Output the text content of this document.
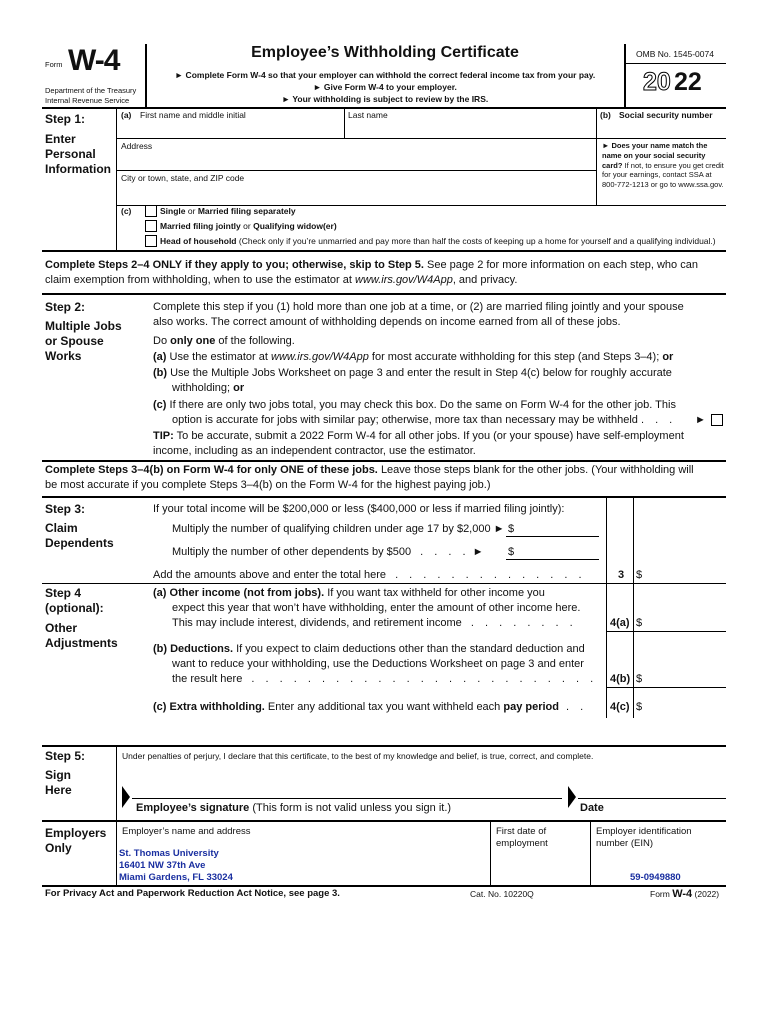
Form W-4
Department of the Treasury
Internal Revenue Service
Employee’s Withholding Certificate
► Complete Form W-4 so that your employer can withhold the correct federal income tax from your pay.
► Give Form W-4 to your employer.
► Your withholding is subject to review by the IRS.
OMB No. 1545-0074
20 22
Step 1:
Enter
Personal
Information
(a) First name and middle initial	Last name	(b) Social security number
Address
City or town, state, and ZIP code
► Does your name match the name on your social security card? If not, to ensure you get credit for your earnings, contact SSA at 800-772-1213 or go to www.ssa.gov.
(c)	Single or Married filing separately
Married filing jointly or Qualifying widow(er)
Head of household (Check only if you’re unmarried and pay more than half the costs of keeping up a home for yourself and a qualifying individual.)
Complete Steps 2–4 ONLY if they apply to you; otherwise, skip to Step 5. See page 2 for more information on each step, who can
claim exemption from withholding, when to use the estimator at www.irs.gov/W4App, and privacy.
Step 2:
Multiple Jobs
or Spouse
Works
Complete this step if you (1) hold more than one job at a time, or (2) are married filing jointly and your spouse
also works. The correct amount of withholding depends on income earned from all of these jobs.
Do only one of the following.
(a) Use the estimator at www.irs.gov/W4App for most accurate withholding for this step (and Steps 3–4); or
(b) Use the Multiple Jobs Worksheet on page 3 and enter the result in Step 4(c) below for roughly accurate
withholding; or
(c) If there are only two jobs total, you may check this box. Do the same on Form W-4 for the other job. This
option is accurate for jobs with similar pay; otherwise, more tax than necessary may be withheld . . . ►
TIP: To be accurate, submit a 2022 Form W-4 for all other jobs. If you (or your spouse) have self-employment
income, including as an independent contractor, use the estimator.
Complete Steps 3–4(b) on Form W-4 for only ONE of these jobs. Leave those steps blank for the other jobs. (Your withholding will
be most accurate if you complete Steps 3–4(b) on the Form W-4 for the highest paying job.)
Step 3:
Claim
Dependents
If your total income will be $200,000 or less ($400,000 or less if married filing jointly):
Multiply the number of qualifying children under age 17 by $2,000 ► $
Multiply the number of other dependents by $500 . . . . ► $
Add the amounts above and enter the total here . . . . . . . . . . . . . .	3 $
Step 4
(optional):
Other
Adjustments
(a) Other income (not from jobs). If you want tax withheld for other income you
expect this year that won’t have withholding, enter the amount of other income here.
This may include interest, dividends, and retirement income . . . . . . . .	4(a) $
(b) Deductions. If you expect to claim deductions other than the standard deduction and
want to reduce your withholding, use the Deductions Worksheet on page 3 and enter
the result here . . . . . . . . . . . . . . . . . . . . . . . . . 4(b) $
(c) Extra withholding. Enter any additional tax you want withheld each pay period . . 4(c) $
Step 5:
Sign
Here
Under penalties of perjury, I declare that this certificate, to the best of my knowledge and belief, is true, correct, and complete.
Employee’s signature (This form is not valid unless you sign it.)	Date
Employers
Only
Employer’s name and address
St. Thomas University
16401 NW 37th Ave
Miami Gardens, FL 33024
First date of
employment
Employer identification
number (EIN)
59-0949880
For Privacy Act and Paperwork Reduction Act Notice, see page 3.	Cat. No. 10220Q	Form W-4 (2022)
